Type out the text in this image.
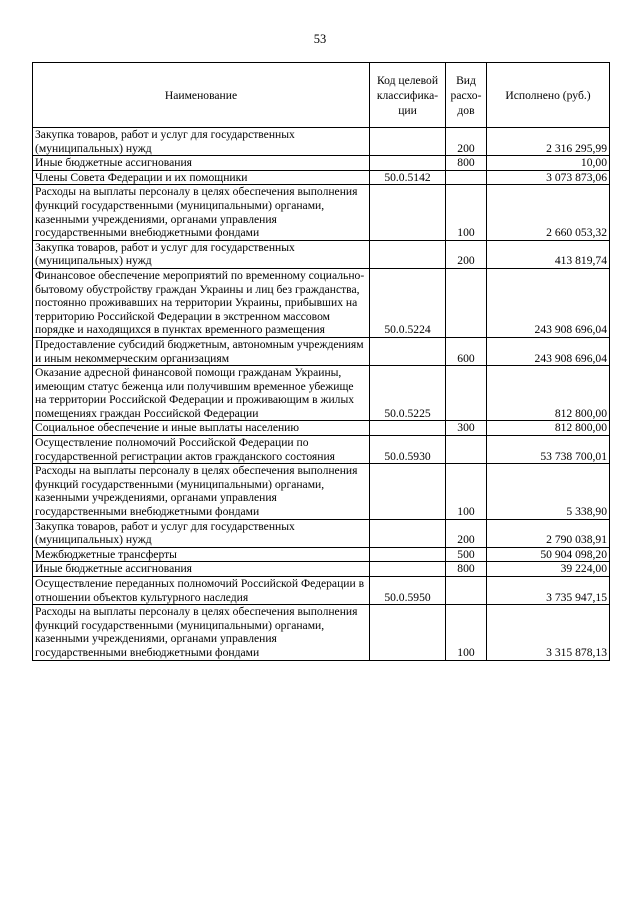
53
Наименование	Код целевой классифика-ции	Вид расхо-дов	Исполнено (руб.)
Закупка товаров, работ и услуг для государственных (муниципальных) нужд		200	2 316 295,99
Иные бюджетные ассигнования		800	10,00
Члены Совета Федерации и их помощники	50.0.5142		3 073 873,06
Расходы на выплаты персоналу в целях обеспечения выполнения функций государственными (муниципальными) органами, казенными учреждениями, органами управления государственными внебюджетными фондами		100	2 660 053,32
Закупка товаров, работ и услуг для государственных (муниципальных) нужд		200	413 819,74
Финансовое обеспечение мероприятий по временному социально-бытовому обустройству граждан Украины и лиц без гражданства, постоянно проживавших на территории Украины, прибывших на территорию Российской Федерации в экстренном массовом порядке и находящихся в пунктах временного размещения	50.0.5224		243 908 696,04
Предоставление субсидий бюджетным, автономным учреждениям и иным некоммерческим организациям		600	243 908 696,04
Оказание адресной финансовой помощи гражданам Украины, имеющим статус беженца или получившим временное убежище на территории Российской Федерации и проживающим в жилых помещениях граждан Российской Федерации	50.0.5225		812 800,00
Социальное обеспечение и иные выплаты населению		300	812 800,00
Осуществление полномочий Российской Федерации по государственной регистрации актов гражданского состояния	50.0.5930		53 738 700,01
Расходы на выплаты персоналу в целях обеспечения выполнения функций государственными (муниципальными) органами, казенными учреждениями, органами управления государственными внебюджетными фондами		100	5 338,90
Закупка товаров, работ и услуг для государственных (муниципальных) нужд		200	2 790 038,91
Межбюджетные трансферты		500	50 904 098,20
Иные бюджетные ассигнования		800	39 224,00
Осуществление переданных полномочий Российской Федерации в отношении объектов культурного наследия	50.0.5950		3 735 947,15
Расходы на выплаты персоналу в целях обеспечения выполнения функций государственными (муниципальными) органами, казенными учреждениями, органами управления государственными внебюджетными фондами		100	3 315 878,13
